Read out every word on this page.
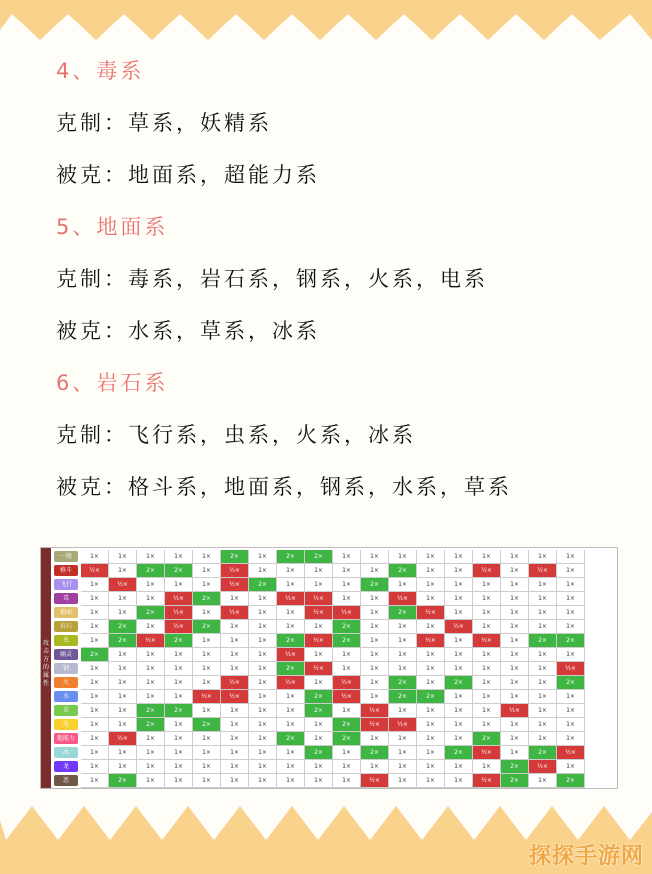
4、毒系
克制：草系，妖精系
被克：地面系，超能力系
5、地面系
克制：毒系，岩石系，钢系，火系，电系
被克：水系，草系，冰系
6、岩石系
克制：飞行系，虫系，火系，冰系
被克：格斗系，地面系，钢系，水系，草系
攻击方的属性
一般	1×	1×	1×	1×	1×	2×	1×	2×	2×	1×	1×	1×	1×	1×	1×	1×	1×	1×
格斗	½×	1×	2×	2×	1×	½×	1×	1×	1×	1×	1×	2×	1×	1×	½×	1×	½×	1×
飞行	1×	½×	1×	1×	1×	½×	2×	1×	1×	1×	2×	1×	1×	1×	1×	1×	1×	1×
毒	1×	1×	1×	½×	2×	1×	1×	½×	½×	1×	1×	½×	1×	1×	1×	1×	1×	1×
地面	1×	1×	2×	½×	1×	½×	1×	1×	½×	½×	1×	2×	½×	1×	1×	1×	1×	1×
岩石	1×	2×	1×	½×	2×	1×	1×	1×	1×	2×	1×	1×	1×	½×	1×	1×	1×	1×
虫	1×	2×	½×	2×	1×	1×	1×	2×	½×	2×	1×	1×	½×	1×	½×	1×	2×	2×
幽灵	2×	1×	1×	1×	1×	1×	1×	½×	1×	1×	1×	1×	1×	1×	1×	1×	1×	1×
钢	1×	1×	1×	1×	1×	1×	1×	2×	½×	1×	1×	1×	1×	1×	1×	1×	1×	½×
火	1×	1×	1×	1×	1×	½×	1×	½×	1×	½×	1×	2×	1×	2×	1×	1×	1×	2×
水	1×	1×	1×	1×	½×	½×	1×	1×	2×	½×	1×	2×	2×	1×	1×	1×	1×	1×
草	1×	1×	2×	2×	1×	1×	1×	1×	2×	1×	½×	1×	1×	1×	1×	½×	1×	1×
电	1×	1×	2×	1×	2×	1×	1×	1×	1×	2×	½×	½×	1×	1×	1×	1×	1×	1×
超能力	1×	½×	1×	1×	1×	1×	1×	2×	1×	2×	1×	1×	1×	1×	2×	1×	1×	1×
冰	1×	1×	1×	1×	1×	1×	1×	1×	2×	1×	2×	1×	1×	2×	½×	1×	2×	½×
龙	1×	1×	1×	1×	1×	1×	1×	1×	1×	1×	1×	1×	1×	1×	1×	2×	½×	1×
恶	1×	2×	1×	1×	1×	1×	1×	1×	1×	1×	½×	1×	1×	1×	½×	2×	1×	2×
探探手游网
